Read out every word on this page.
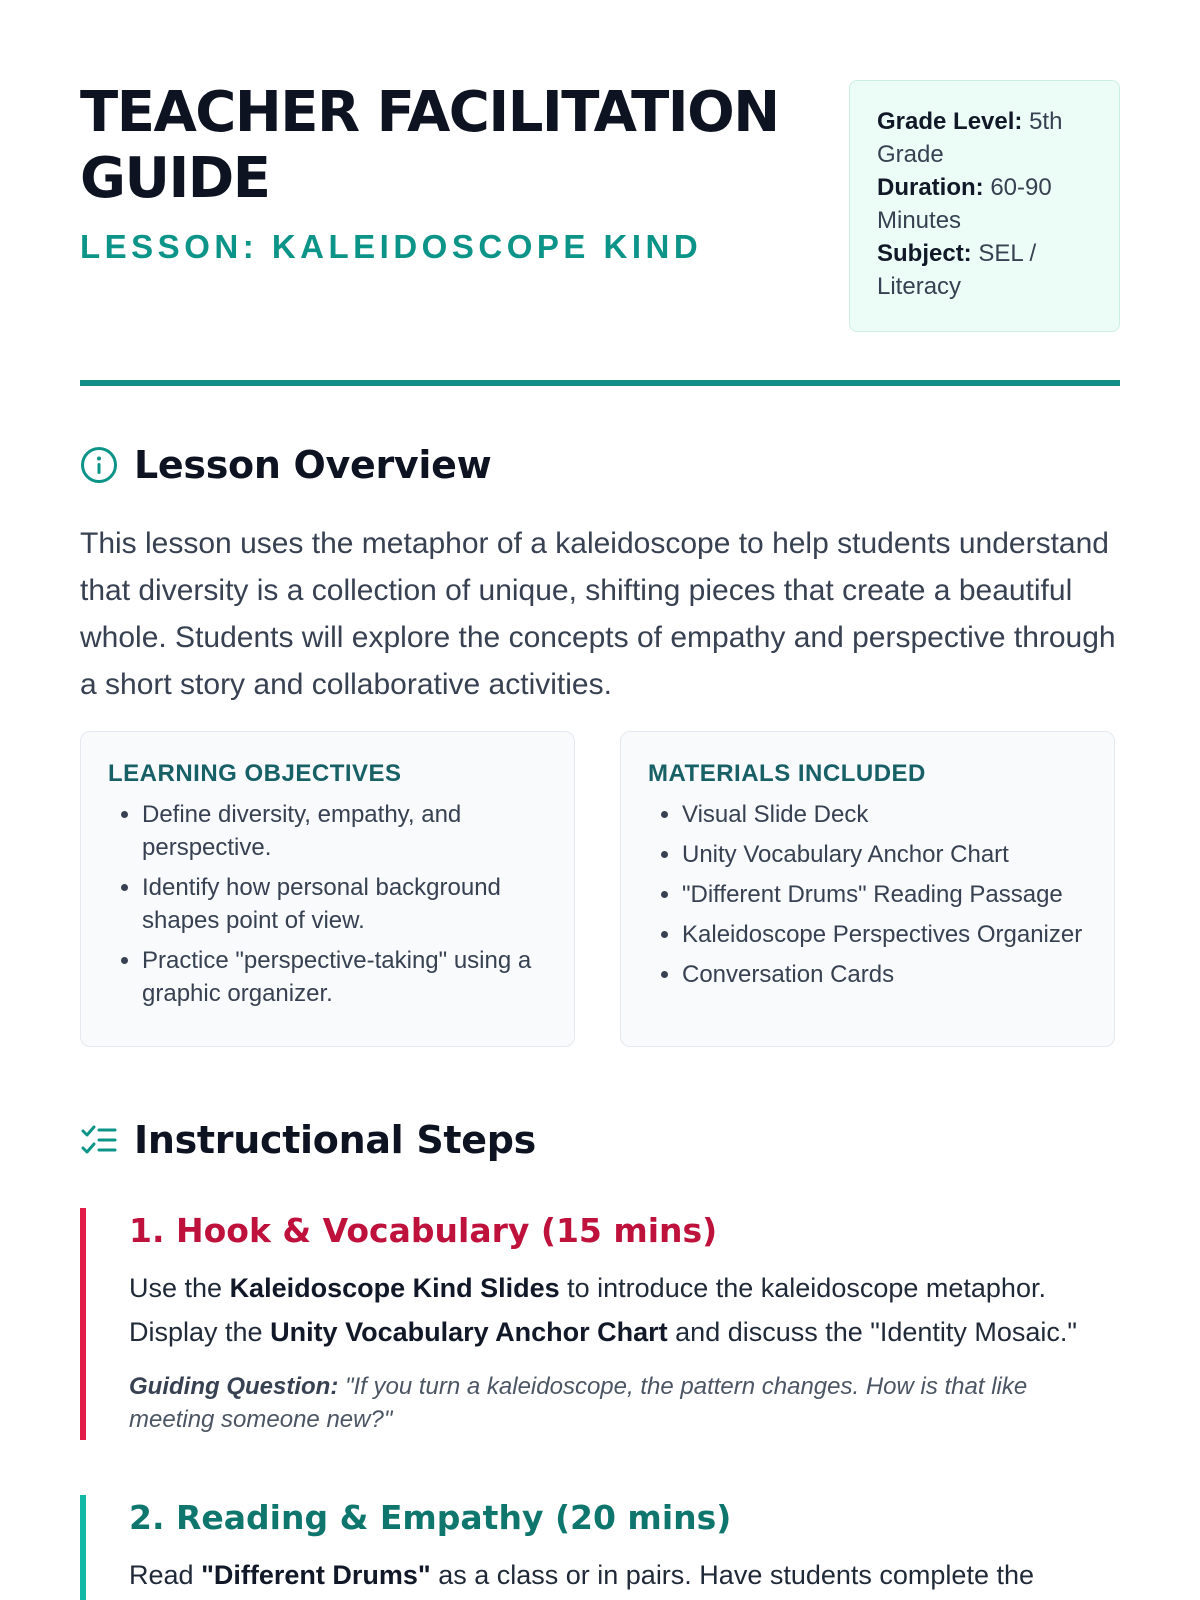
TEACHER FACILITATION GUIDE
LESSON: KALEIDOSCOPE KIND
Grade Level: 5th Grade
Duration: 60-90 Minutes
Subject: SEL / Literacy
Lesson Overview

This lesson uses the metaphor of a kaleidoscope to help students understand that diversity is a collection of unique, shifting pieces that create a beautiful whole. Students will explore the concepts of empathy and perspective through a short story and collaborative activities.

LEARNING OBJECTIVES
• Define diversity, empathy, and perspective.
• Identify how personal background shapes point of view.
• Practice "perspective-taking" using a graphic organizer.
MATERIALS INCLUDED
• Visual Slide Deck
• Unity Vocabulary Anchor Chart
• "Different Drums" Reading Passage
• Kaleidoscope Perspectives Organizer
• Conversation Cards
Instructional Steps
1. Hook & Vocabulary (15 mins)

Use the Kaleidoscope Kind Slides to introduce the kaleidoscope metaphor. Display the Unity Vocabulary Anchor Chart and discuss the "Identity Mosaic."

Guiding Question: "If you turn a kaleidoscope, the pattern changes. How is that like meeting someone new?"

2. Reading & Empathy (20 mins)

Read "Different Drums" as a class or in pairs. Have students complete the
